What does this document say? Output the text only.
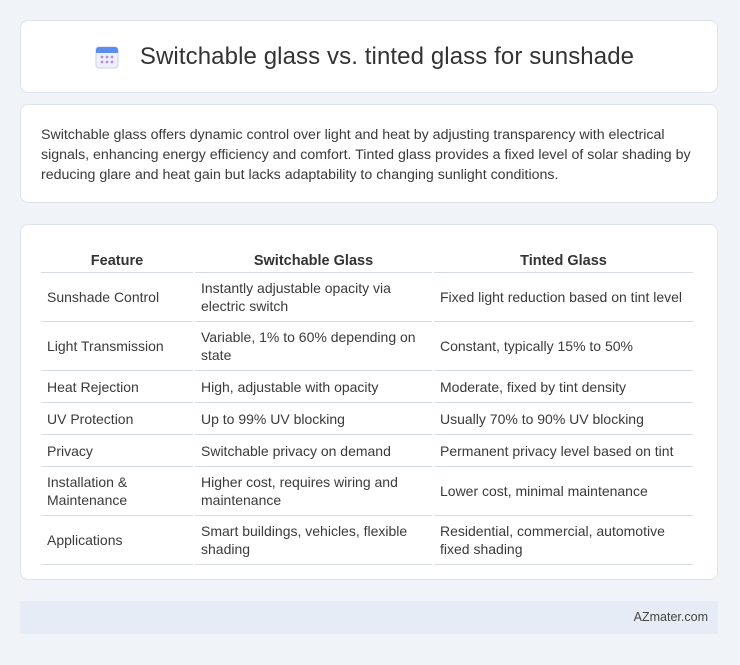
Switchable glass vs. tinted glass for sunshade

Switchable glass offers dynamic control over light and heat by adjusting transparency with electrical signals, enhancing energy efficiency and comfort. Tinted glass provides a fixed level of solar shading by reducing glare and heat gain but lacks adaptability to changing sunlight conditions.

Feature	Switchable Glass	Tinted Glass
Sunshade Control	Instantly adjustable opacity via electric switch	Fixed light reduction based on tint level
Light Transmission	Variable, 1% to 60% depending on state	Constant, typically 15% to 50%
Heat Rejection	High, adjustable with opacity	Moderate, fixed by tint density
UV Protection	Up to 99% UV blocking	Usually 70% to 90% UV blocking
Privacy	Switchable privacy on demand	Permanent privacy level based on tint
Installation & Maintenance	Higher cost, requires wiring and maintenance	Lower cost, minimal maintenance
Applications	Smart buildings, vehicles, flexible shading	Residential, commercial, automotive fixed shading
AZmater.com
